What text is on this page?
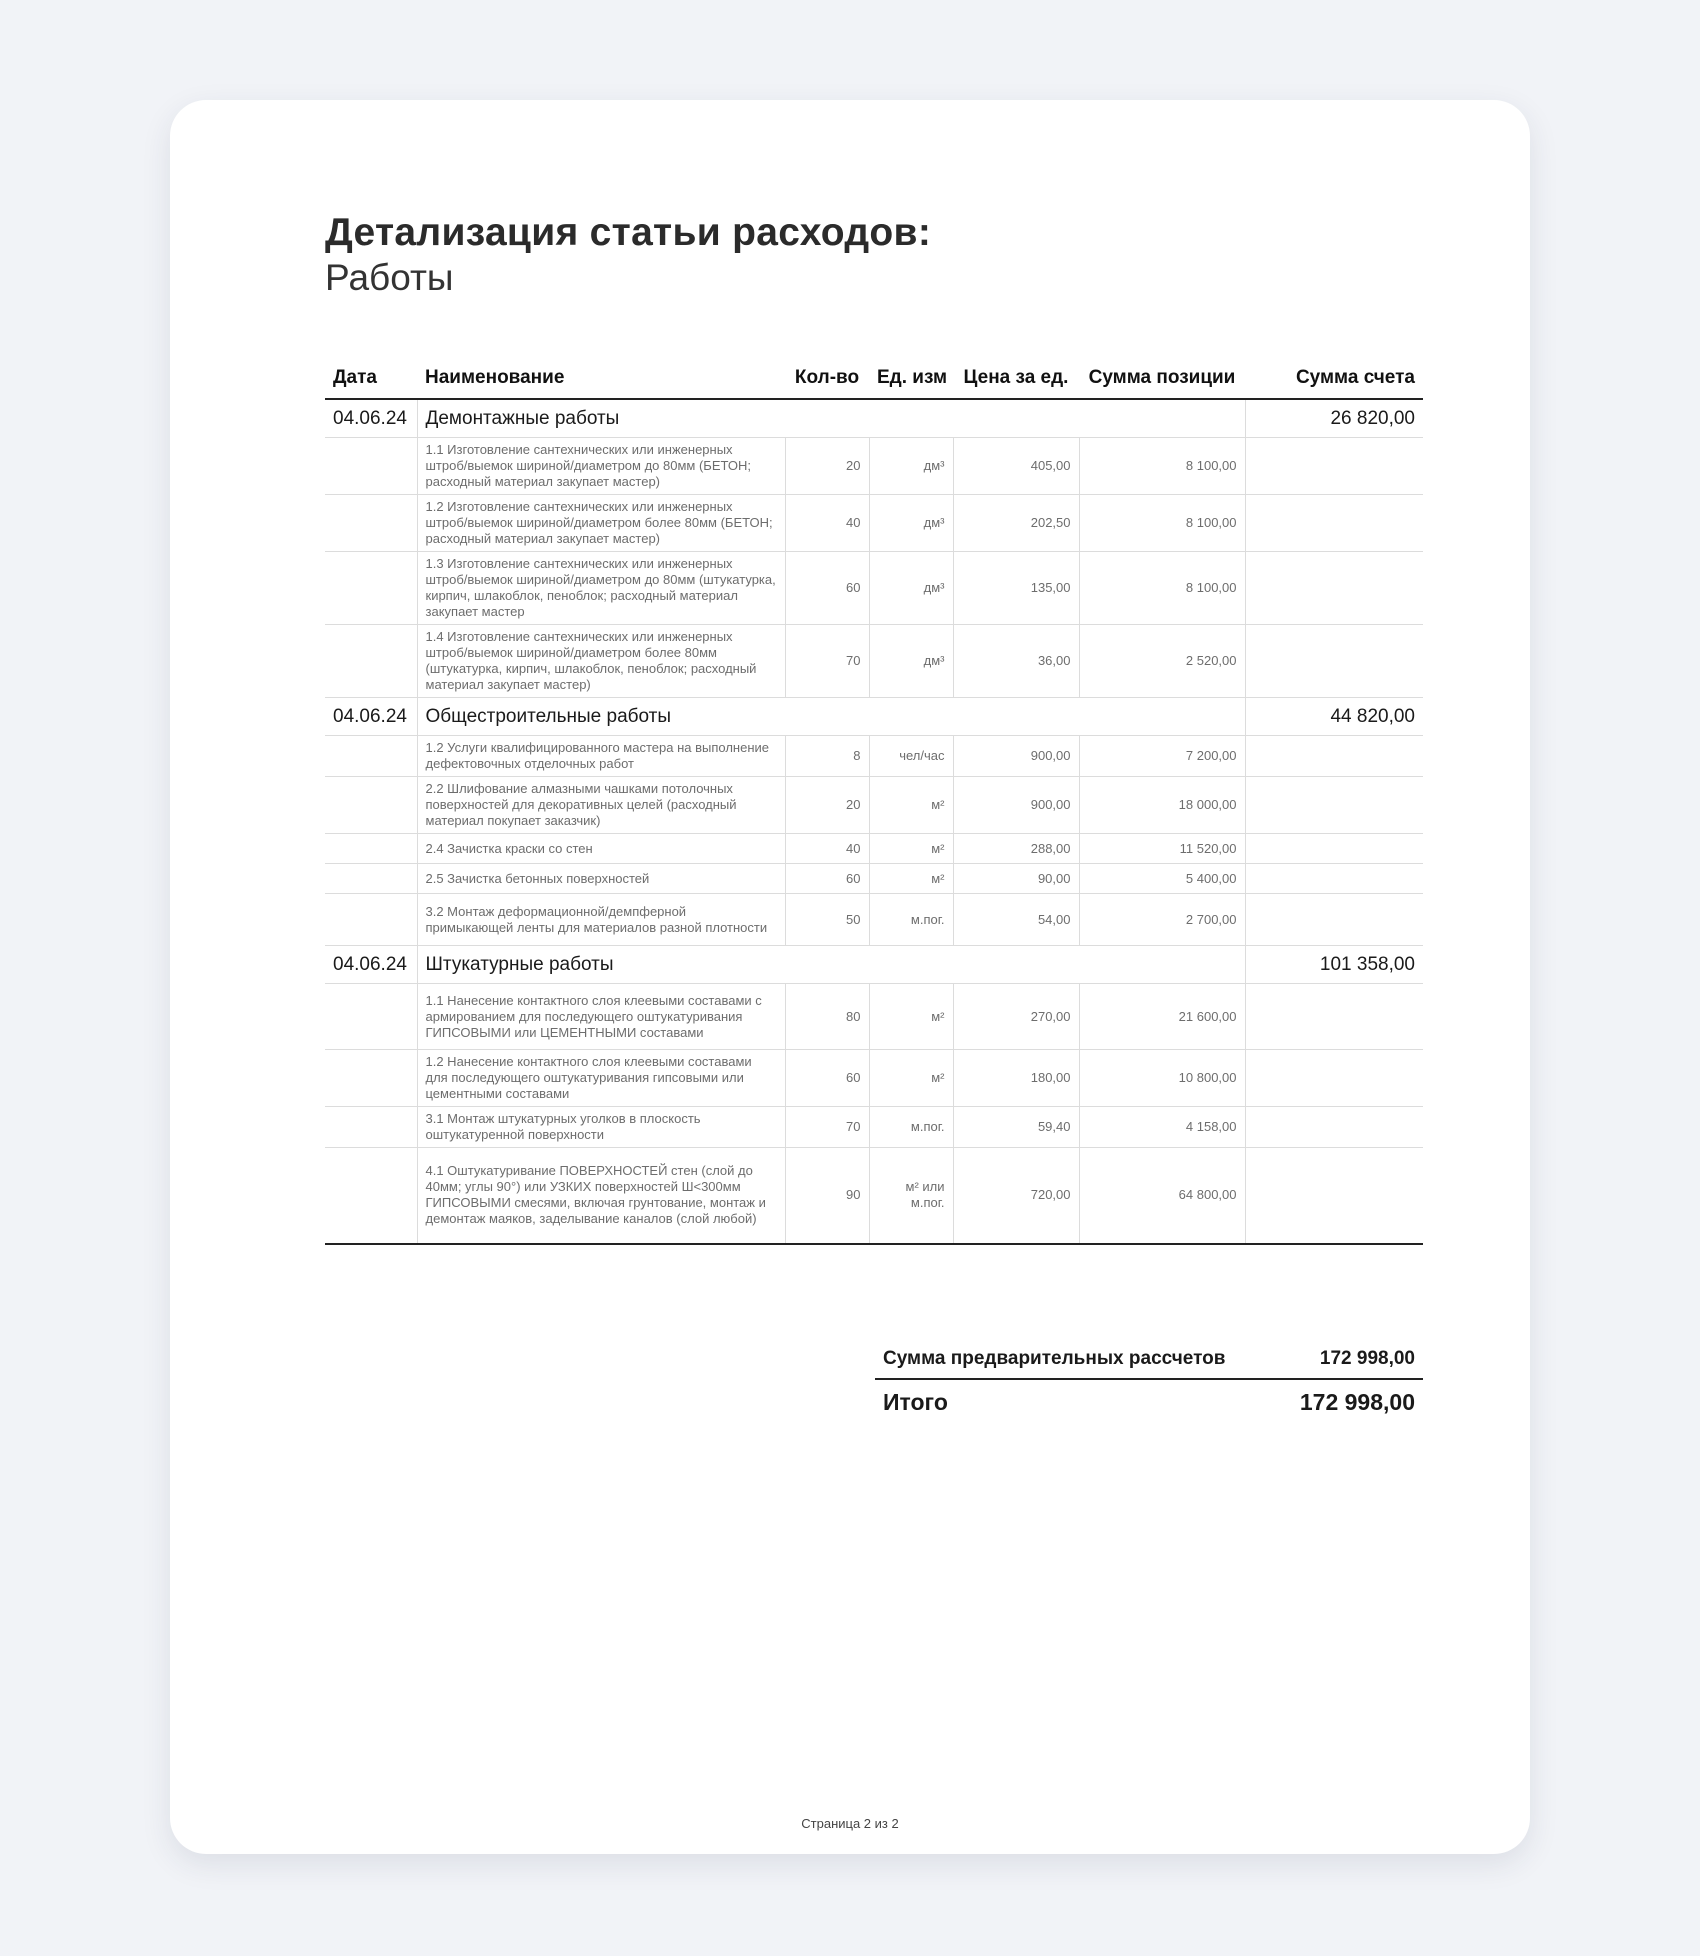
Детализация статьи расходов:
Работы
Дата	Наименование	Кол-во	Ед. изм	Цена за ед.	Сумма позиции	Сумма счета
04.06.24	Демонтажные работы					26 820,00
	1.1 Изготовление сантехнических или инженерных штроб/выемок шириной/диаметром до 80мм (БЕТОН; расходный материал закупает мастер)	20	дм³	405,00	8 100,00	
	1.2 Изготовление сантехнических или инженерных штроб/выемок шириной/диаметром более 80мм (БЕТОН; расходный материал закупает мастер)	40	дм³	202,50	8 100,00	
	1.3 Изготовление сантехнических или инженерных штроб/выемок шириной/диаметром до 80мм (штукатурка, кирпич, шлакоблок, пеноблок; расходный материал закупает мастер	60	дм³	135,00	8 100,00	
	1.4 Изготовление сантехнических или инженерных штроб/выемок шириной/диаметром более 80мм (штукатурка, кирпич, шлакоблок, пеноблок; расходный материал закупает мастер)	70	дм³	36,00	2 520,00	
04.06.24	Общестроительные работы					44 820,00
	1.2 Услуги квалифицированного мастера на выполнение дефектовочных отделочных работ	8	чел/час	900,00	7 200,00	
	2.2 Шлифование алмазными чашками потолочных поверхностей для декоративных целей (расходный материал покупает заказчик)	20	м²	900,00	18 000,00	
	2.4 Зачистка краски со стен	40	м²	288,00	11 520,00	
	2.5 Зачистка бетонных поверхностей	60	м²	90,00	5 400,00	
	3.2 Монтаж деформационной/демпферной примыкающей ленты для материалов разной плотности	50	м.пог.	54,00	2 700,00	
04.06.24	Штукатурные работы					101 358,00
	1.1 Нанесение контактного слоя клеевыми составами с армированием для последующего оштукатуривания ГИПСОВЫМИ или ЦЕМЕНТНЫМИ составами	80	м²	270,00	21 600,00	
	1.2 Нанесение контактного слоя клеевыми составами для последующего оштукатуривания гипсовыми или цементными составами	60	м²	180,00	10 800,00	
	3.1 Монтаж штукатурных уголков в плоскость оштукатуренной поверхности	70	м.пог.	59,40	4 158,00	
	4.1 Оштукатуривание ПОВЕРХНОСТЕЙ стен (слой до 40мм; углы 90°) или УЗКИХ поверхностей Ш<300мм ГИПСОВЫМИ смесями, включая грунтование, монтаж и демонтаж маяков, заделывание каналов (слой любой)	90	м² или м.пог.	720,00	64 800,00	
Сумма предварительных рассчетов	172 998,00
Итого	172 998,00
Страница 2 из 2
